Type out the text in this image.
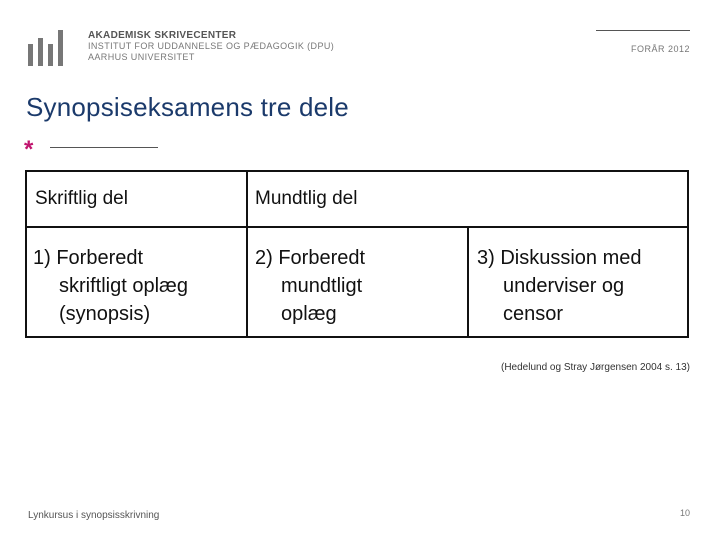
AKADEMISK SKRIVECENTER
INSTITUT FOR UDDANNELSE OG PÆDAGOGIK (DPU)
AARHUS UNIVERSITET
FORÅR 2012
Synopsiseksamens tre dele
*
Skriftlig del	Mundtlig del
1) Forberedt
skriftligt oplæg
(synopsis)
2) Forberedt
mundtligt
oplæg
3) Diskussion med
underviser og
censor
(Hedelund og Stray Jørgensen 2004 s. 13)
Lynkursus i synopsisskrivning	10
